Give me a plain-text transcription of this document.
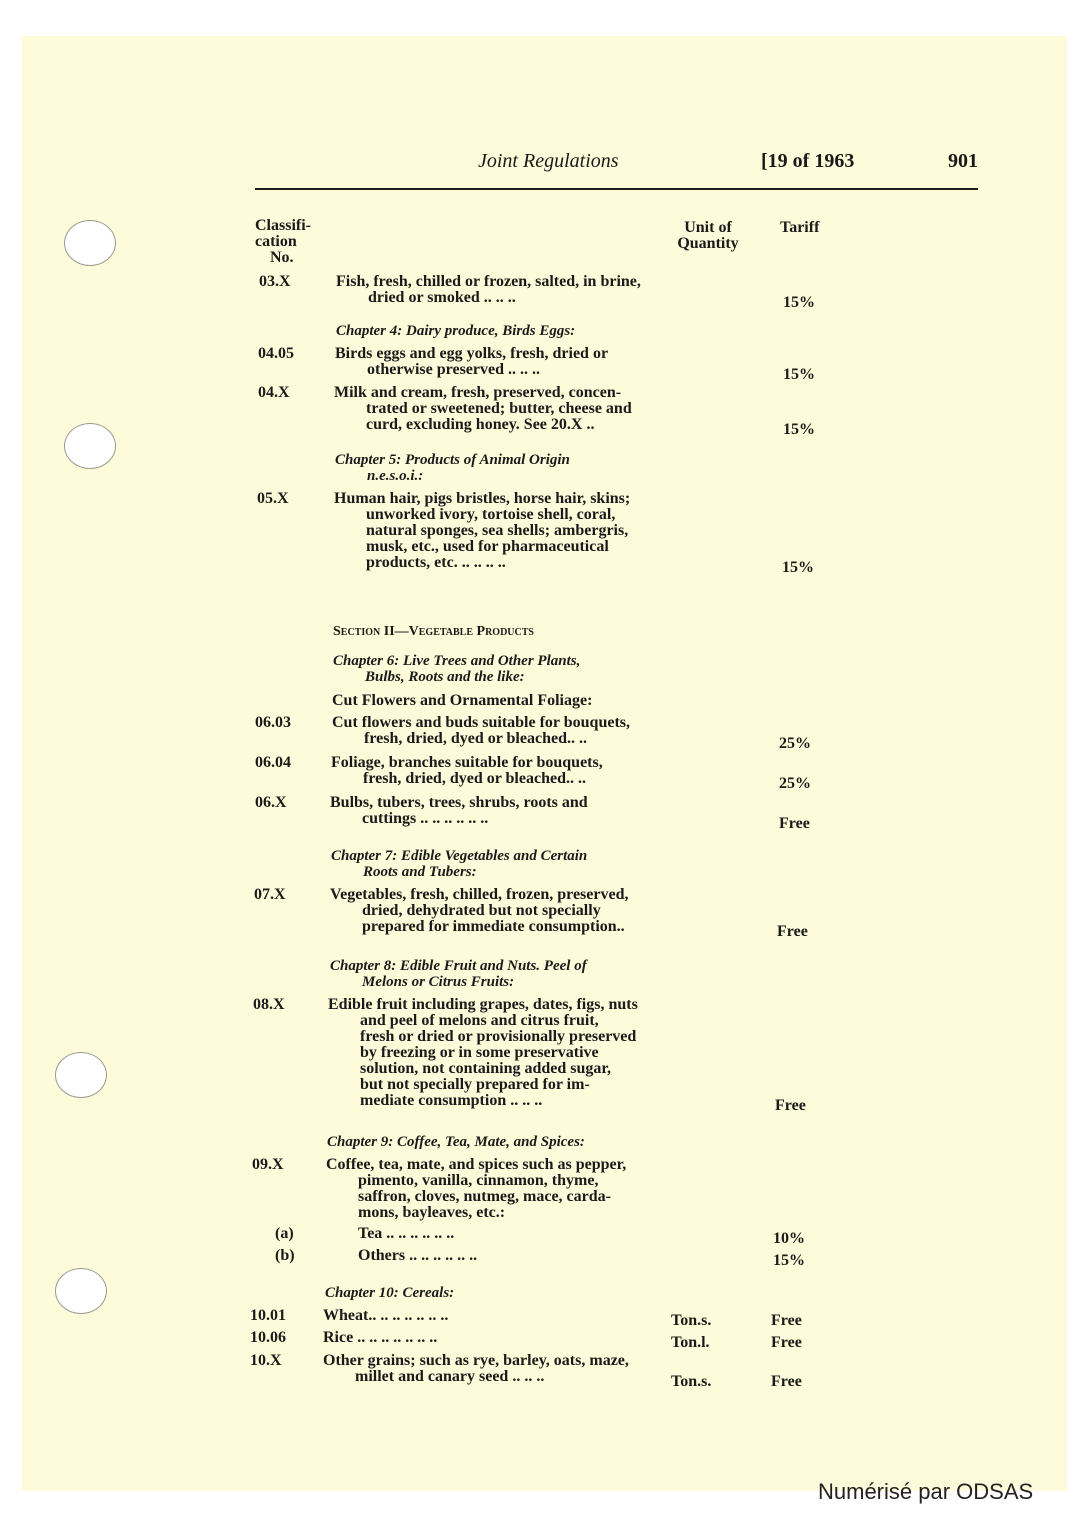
Joint Regulations	[19 of 1963	901
Classifi-
cation
No.
Unit of
Quantity
Tariff
03.X	Fish, fresh, chilled or frozen, salted, in brine,
dried or smoked .. .. ..	15%
Chapter 4: Dairy produce, Birds Eggs:
04.05	Birds eggs and egg yolks, fresh, dried or
otherwise preserved .. .. ..	15%
04.X	Milk and cream, fresh, preserved, concen-
trated or sweetened; butter, cheese and
curd, excluding honey. See 20.X ..	15%
Chapter 5: Products of Animal Origin
n.e.s.o.i.:
05.X	Human hair, pigs bristles, horse hair, skins;
unworked ivory, tortoise shell, coral,
natural sponges, sea shells; ambergris,
musk, etc., used for pharmaceutical
products, etc. .. .. .. ..	15%
Section II—Vegetable Products
Chapter 6: Live Trees and Other Plants,
Bulbs, Roots and the like:
Cut Flowers and Ornamental Foliage:
06.03	Cut flowers and buds suitable for bouquets,
fresh, dried, dyed or bleached.. ..	25%
06.04	Foliage, branches suitable for bouquets,
fresh, dried, dyed or bleached.. ..	25%
06.X	Bulbs, tubers, trees, shrubs, roots and
cuttings .. .. .. .. .. ..	Free
Chapter 7: Edible Vegetables and Certain
Roots and Tubers:
07.X	Vegetables, fresh, chilled, frozen, preserved,
dried, dehydrated but not specially
prepared for immediate consumption..	Free
Chapter 8: Edible Fruit and Nuts. Peel of
Melons or Citrus Fruits:
08.X	Edible fruit including grapes, dates, figs, nuts
and peel of melons and citrus fruit,
fresh or dried or provisionally preserved
by freezing or in some preservative
solution, not containing added sugar,
but not specially prepared for im-
mediate consumption .. .. ..	Free
Chapter 9: Coffee, Tea, Mate, and Spices:
09.X	Coffee, tea, mate, and spices such as pepper,
pimento, vanilla, cinnamon, thyme,
saffron, cloves, nutmeg, mace, carda-
mons, bayleaves, etc.:
(a)	Tea .. .. .. .. .. ..	10%
(b)	Others .. .. .. .. .. ..	15%
Chapter 10: Cereals:
10.01	Wheat.. .. .. .. .. .. ..	Ton.s.	Free
10.06	Rice .. .. .. .. .. .. ..	Ton.l.	Free
10.X	Other grains; such as rye, barley, oats, maze,
millet and canary seed .. .. ..	Ton.s.	Free
Numérisé par ODSAS
